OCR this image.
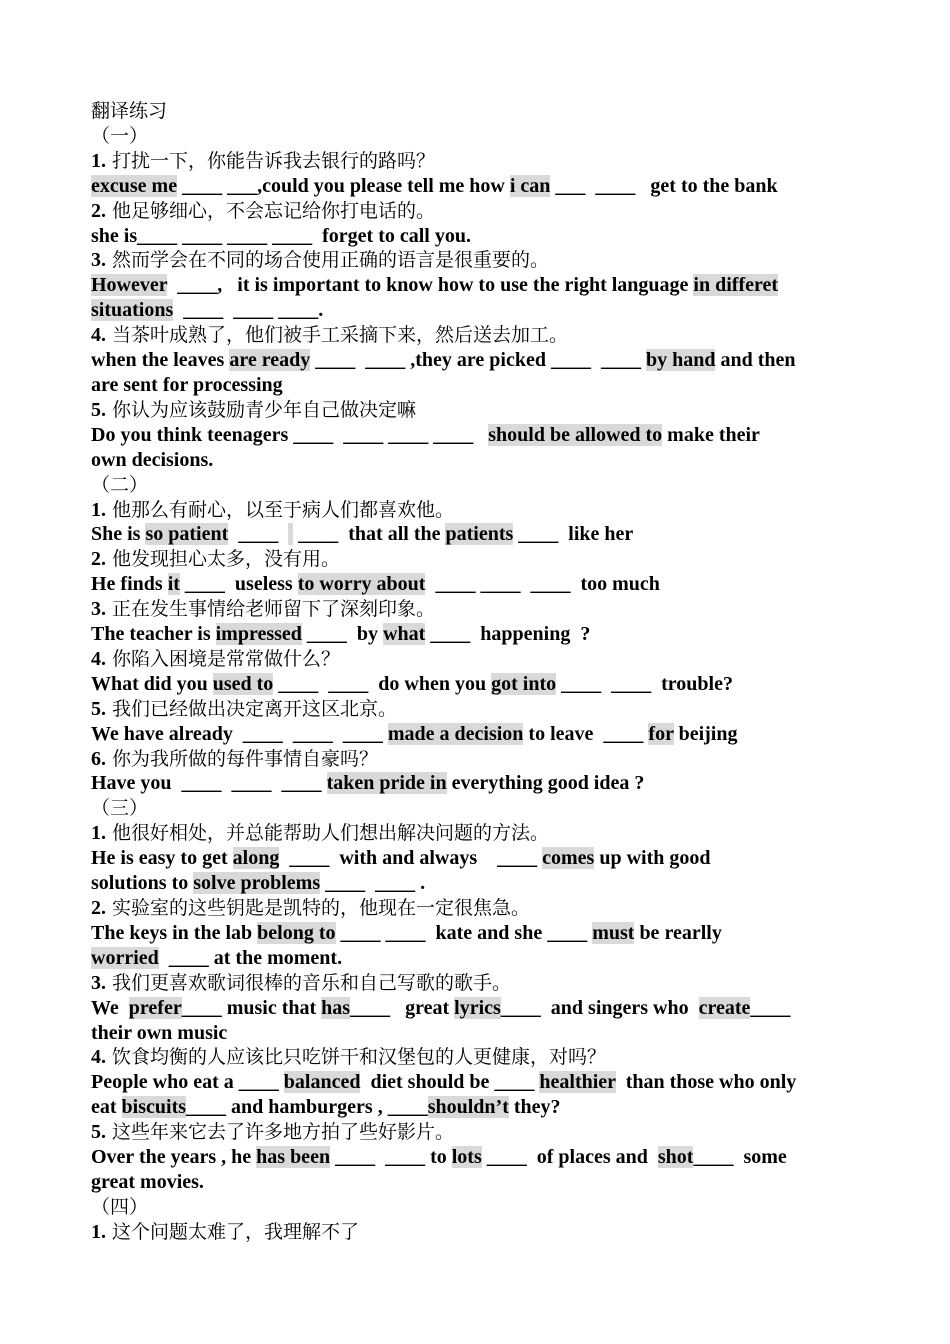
翻译练习
（一）
1. 打扰一下，你能告诉我去银行的路吗？
excuse me ____ ___,could you please tell me how i can ___  ____   get to the bank
2. 他足够细心，不会忘记给你打电话的。
she is____ ____ ____ ____  forget to call you.
3. 然而学会在不同的场合使用正确的语言是很重要的。
However  ____,   it is important to know how to use the right language in differet
situations  ____  ____ ____.
4. 当茶叶成熟了，他们被手工采摘下来，然后送去加工。
when the leaves are ready ____  ____ ,they are picked ____  ____ by hand and then
are sent for processing
5. 你认为应该鼓励青少年自己做决定嘛
Do you think teenagers ____  ____ ____ ____   should be allowed to make their
own decisions.
（二）
1. 他那么有耐心，以至于病人们都喜欢他。
She is so patient  ____    ____  that all the patients ____  like her
2. 他发现担心太多，没有用。
He finds it ____  useless to worry about  ____ ____  ____  too much
3. 正在发生事情给老师留下了深刻印象。
The teacher is impressed ____  by what ____  happening  ?
4. 你陷入困境是常常做什么？
What did you used to ____  ____  do when you got into ____  ____  trouble?
5. 我们已经做出决定离开这区北京。
We have already  ____  ____  ____ made a decision to leave  ____ for beijing
6. 你为我所做的每件事情自豪吗？
Have you  ____  ____  ____ taken pride in everything good idea ?
（三）
1. 他很好相处，并总能帮助人们想出解决问题的方法。
He is easy to get along  ____  with and always    ____ comes up with good
solutions to solve problems ____  ____ .
2. 实验室的这些钥匙是凯特的，他现在一定很焦急。
The keys in the lab belong to ____ ____  kate and she ____ must be rearlly
worried  ____ at the moment.
3. 我们更喜欢歌词很棒的音乐和自己写歌的歌手。
We  prefer____ music that has____   great lyrics____  and singers who  create____
their own music
4. 饮食均衡的人应该比只吃饼干和汉堡包的人更健康，对吗？
People who eat a ____ balanced  diet should be ____ healthier  than those who only
eat biscuits____ and hamburgers , ____shouldn’t they?
5. 这些年来它去了许多地方拍了些好影片。
Over the years , he has been ____  ____ to lots ____  of places and  shot____  some
great movies.
（四）
1. 这个问题太难了，我理解不了
